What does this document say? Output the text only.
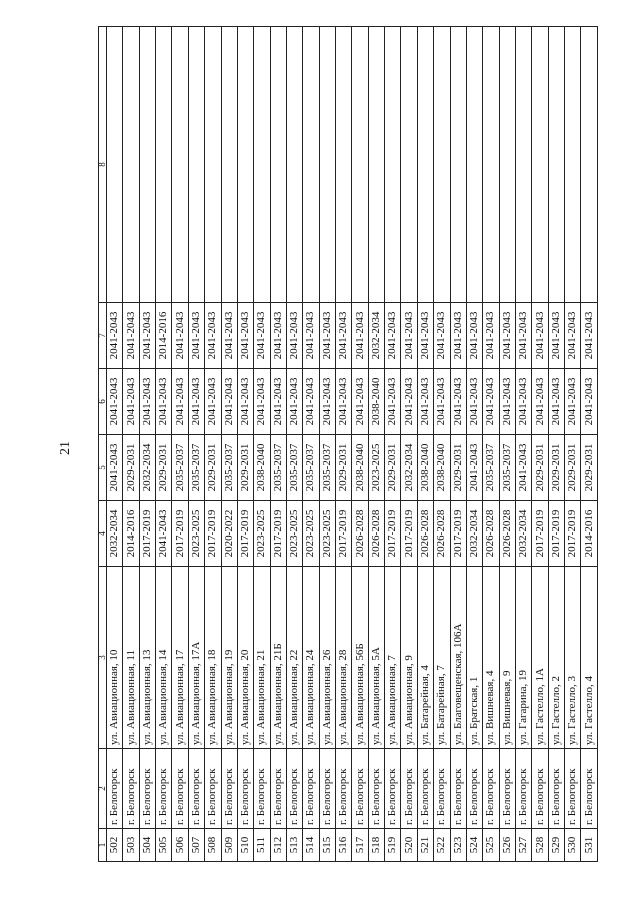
21
1	2	3	4	5	6	7	8
502	г. Белогорск	ул. Авиационная, 10	2032-2034	2041-2043	2041-2043	2041-2043	
503	г. Белогорск	ул. Авиационная, 11	2014-2016	2029-2031	2041-2043	2041-2043	
504	г. Белогорск	ул. Авиационная, 13	2017-2019	2032-2034	2041-2043	2041-2043	
505	г. Белогорск	ул. Авиационная, 14	2041-2043	2029-2031	2041-2043	2014-2016	
506	г. Белогорск	ул. Авиационная, 17	2017-2019	2035-2037	2041-2043	2041-2043	
507	г. Белогорск	ул. Авиационная, 17А	2023-2025	2035-2037	2041-2043	2041-2043	
508	г. Белогорск	ул. Авиационная, 18	2017-2019	2029-2031	2041-2043	2041-2043	
509	г. Белогорск	ул. Авиационная, 19	2020-2022	2035-2037	2041-2043	2041-2043	
510	г. Белогорск	ул. Авиационная, 20	2017-2019	2029-2031	2041-2043	2041-2043	
511	г. Белогорск	ул. Авиационная, 21	2023-2025	2038-2040	2041-2043	2041-2043	
512	г. Белогорск	ул. Авиационная, 21Б	2017-2019	2035-2037	2041-2043	2041-2043	
513	г. Белогорск	ул. Авиационная, 22	2023-2025	2035-2037	2041-2043	2041-2043	
514	г. Белогорск	ул. Авиационная, 24	2023-2025	2035-2037	2041-2043	2041-2043	
515	г. Белогорск	ул. Авиационная, 26	2023-2025	2035-2037	2041-2043	2041-2043	
516	г. Белогорск	ул. Авиационная, 28	2017-2019	2029-2031	2041-2043	2041-2043	
517	г. Белогорск	ул. Авиационная, 56Б	2026-2028	2038-2040	2041-2043	2041-2043	
518	г. Белогорск	ул. Авиационная, 5А	2026-2028	2023-2025	2038-2040	2032-2034	
519	г. Белогорск	ул. Авиационная, 7	2017-2019	2029-2031	2041-2043	2041-2043	
520	г. Белогорск	ул. Авиационная, 9	2017-2019	2032-2034	2041-2043	2041-2043	
521	г. Белогорск	ул. Батарейная, 4	2026-2028	2038-2040	2041-2043	2041-2043	
522	г. Белогорск	ул. Батарейная, 7	2026-2028	2038-2040	2041-2043	2041-2043	
523	г. Белогорск	ул. Благовещенская, 106А	2017-2019	2029-2031	2041-2043	2041-2043	
524	г. Белогорск	ул. Братская, 1	2032-2034	2041-2043	2041-2043	2041-2043	
525	г. Белогорск	ул. Вишневая, 4	2026-2028	2035-2037	2041-2043	2041-2043	
526	г. Белогорск	ул. Вишневая, 9	2026-2028	2035-2037	2041-2043	2041-2043	
527	г. Белогорск	ул. Гагарина, 19	2032-2034	2041-2043	2041-2043	2041-2043	
528	г. Белогорск	ул. Гастелло, 1А	2017-2019	2029-2031	2041-2043	2041-2043	
529	г. Белогорск	ул. Гастелло, 2	2017-2019	2029-2031	2041-2043	2041-2043	
530	г. Белогорск	ул. Гастелло, 3	2017-2019	2029-2031	2041-2043	2041-2043	
531	г. Белогорск	ул. Гастелло, 4	2014-2016	2029-2031	2041-2043	2041-2043	
